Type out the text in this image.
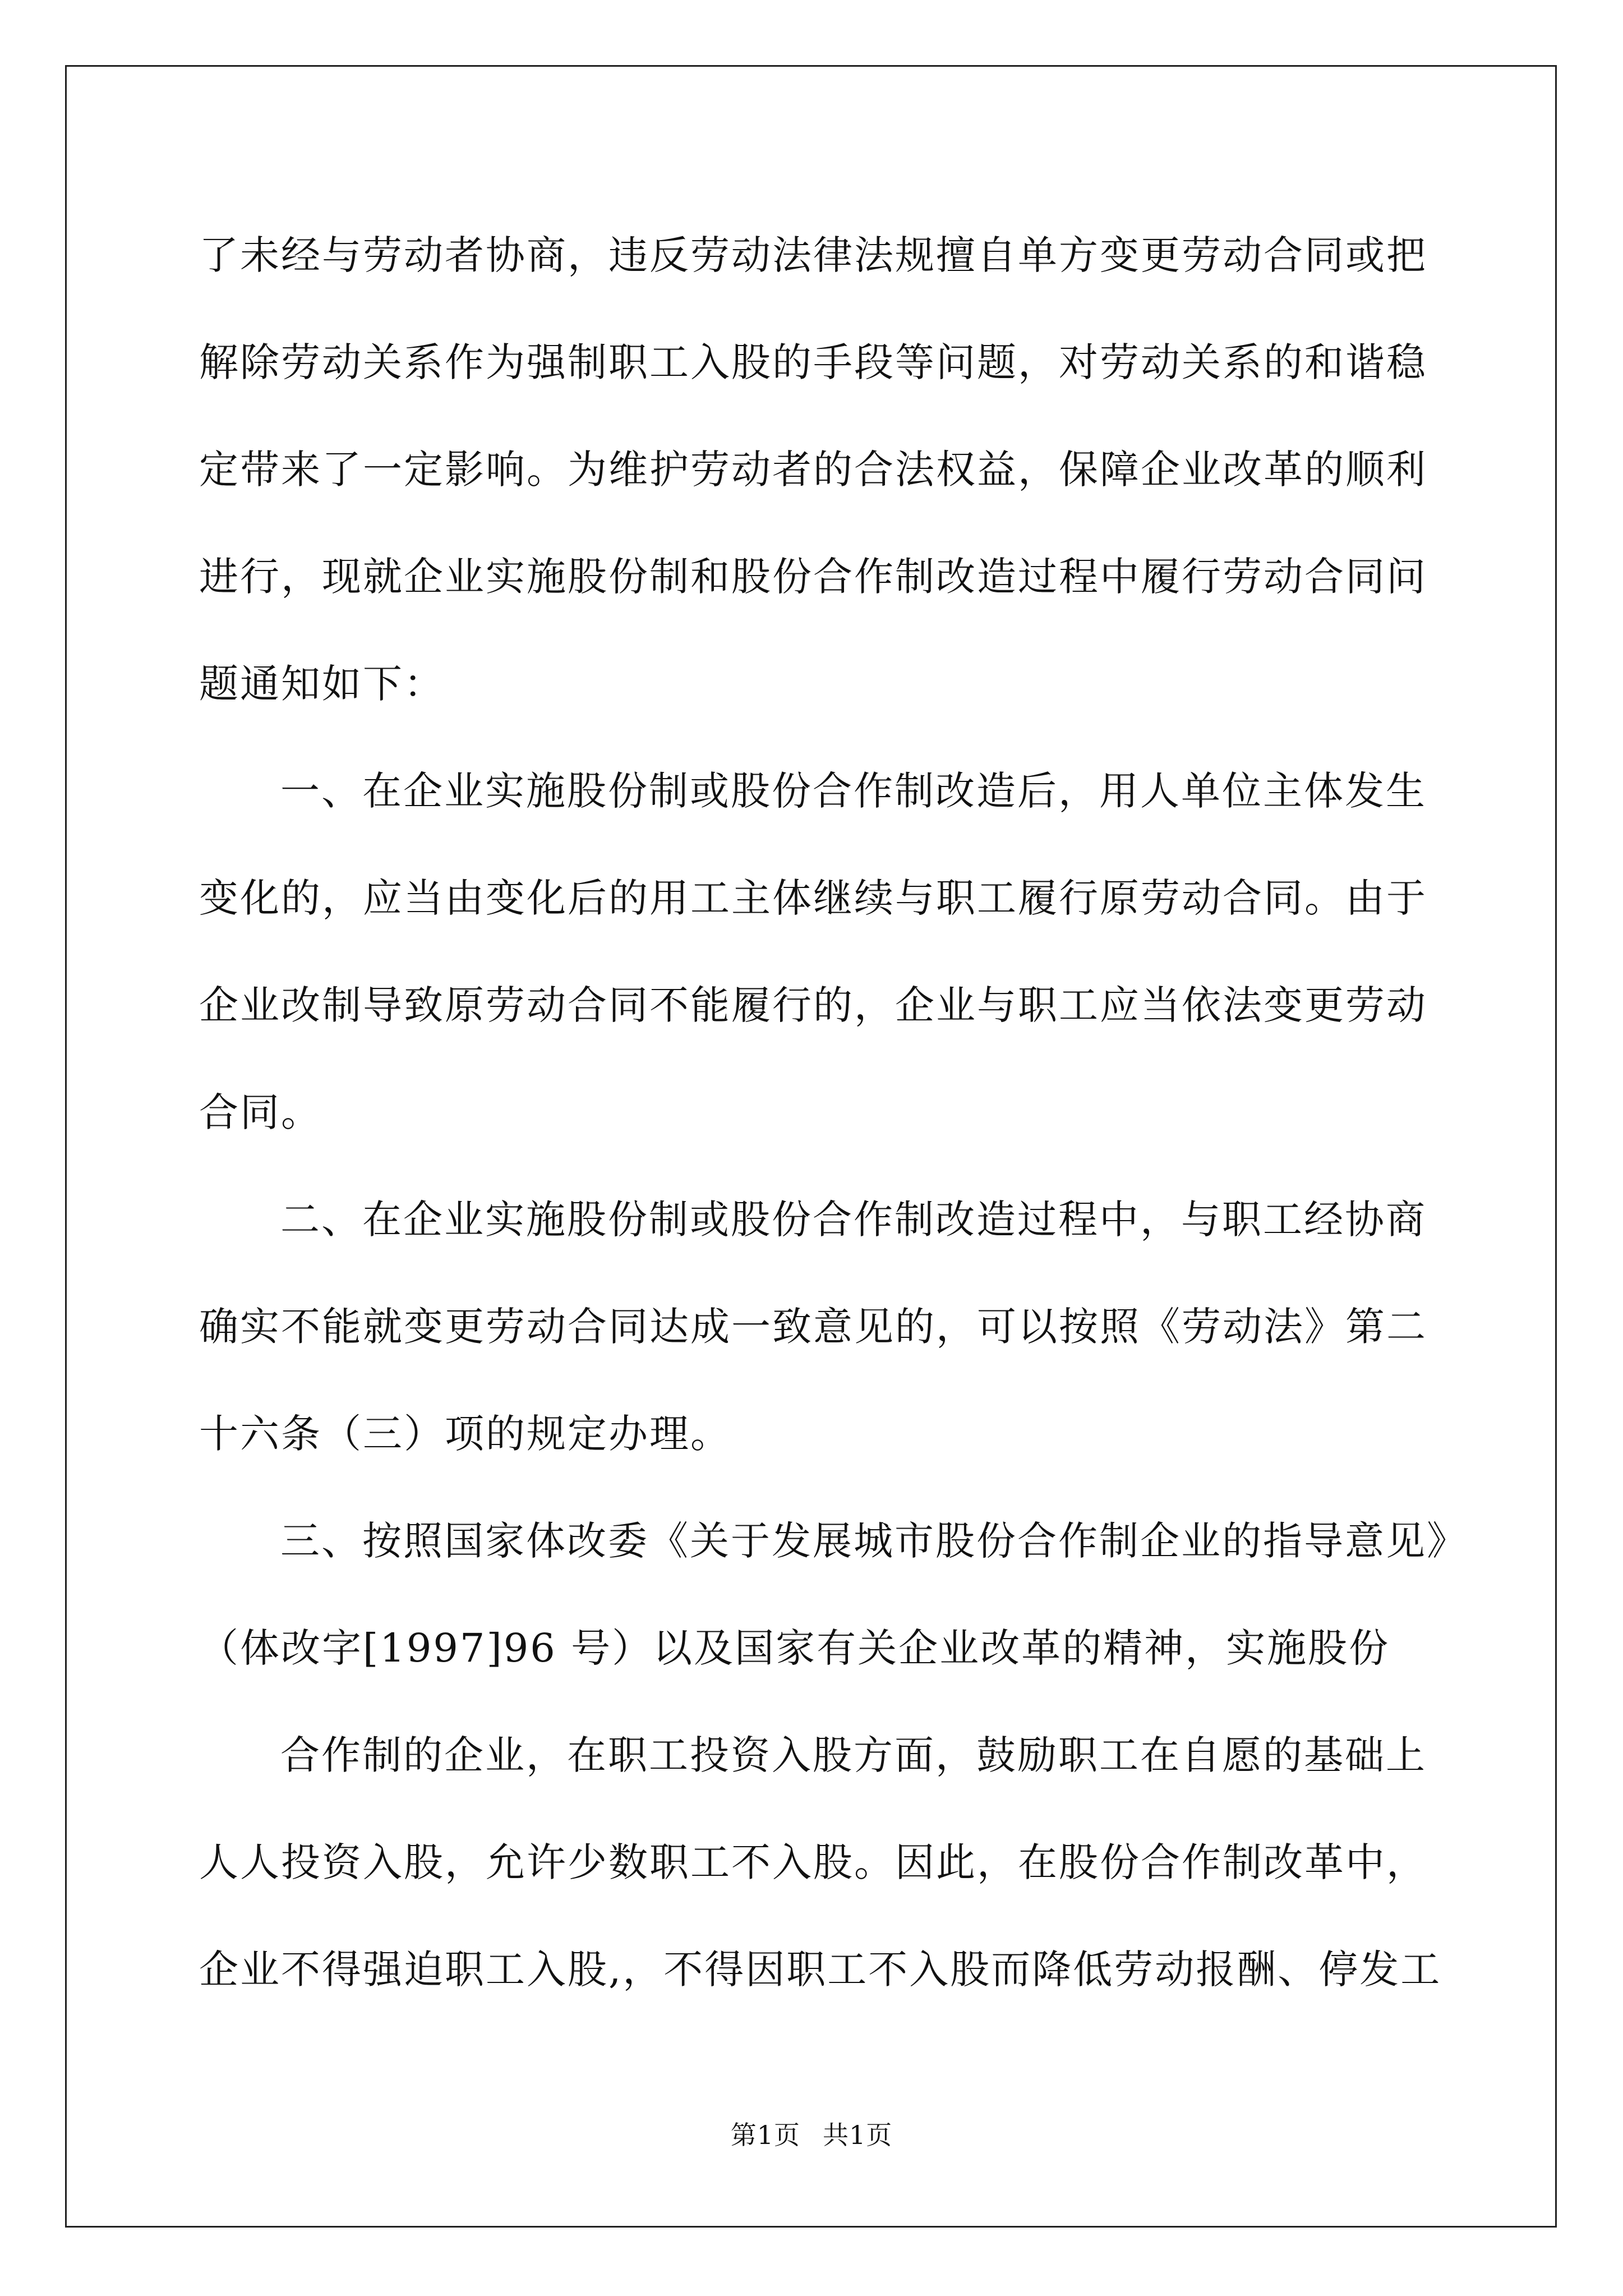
了未经与劳动者协商，违反劳动法律法规擅自单方变更劳动合同或把
解除劳动关系作为强制职工入股的手段等问题，对劳动关系的和谐稳
定带来了一定影响。为维护劳动者的合法权益，保障企业改革的顺利
进行，现就企业实施股份制和股份合作制改造过程中履行劳动合同问
题通知如下：
一、在企业实施股份制或股份合作制改造后，用人单位主体发生
变化的，应当由变化后的用工主体继续与职工履行原劳动合同。由于
企业改制导致原劳动合同不能履行的，企业与职工应当依法变更劳动
合同。
二、在企业实施股份制或股份合作制改造过程中，与职工经协商
确实不能就变更劳动合同达成一致意见的，可以按照《劳动法》第二
十六条（三）项的规定办理。
三、按照国家体改委《关于发展城市股份合作制企业的指导意见》
（体改字[1997]96 号）以及国家有关企业改革的精神，实施股份
合作制的企业，在职工投资入股方面，鼓励职工在自愿的基础上
人人投资入股，允许少数职工不入股。因此，在股份合作制改革中，
企业不得强迫职工入股,，不得因职工不入股而降低劳动报酬、停发工
第1页 共1页
